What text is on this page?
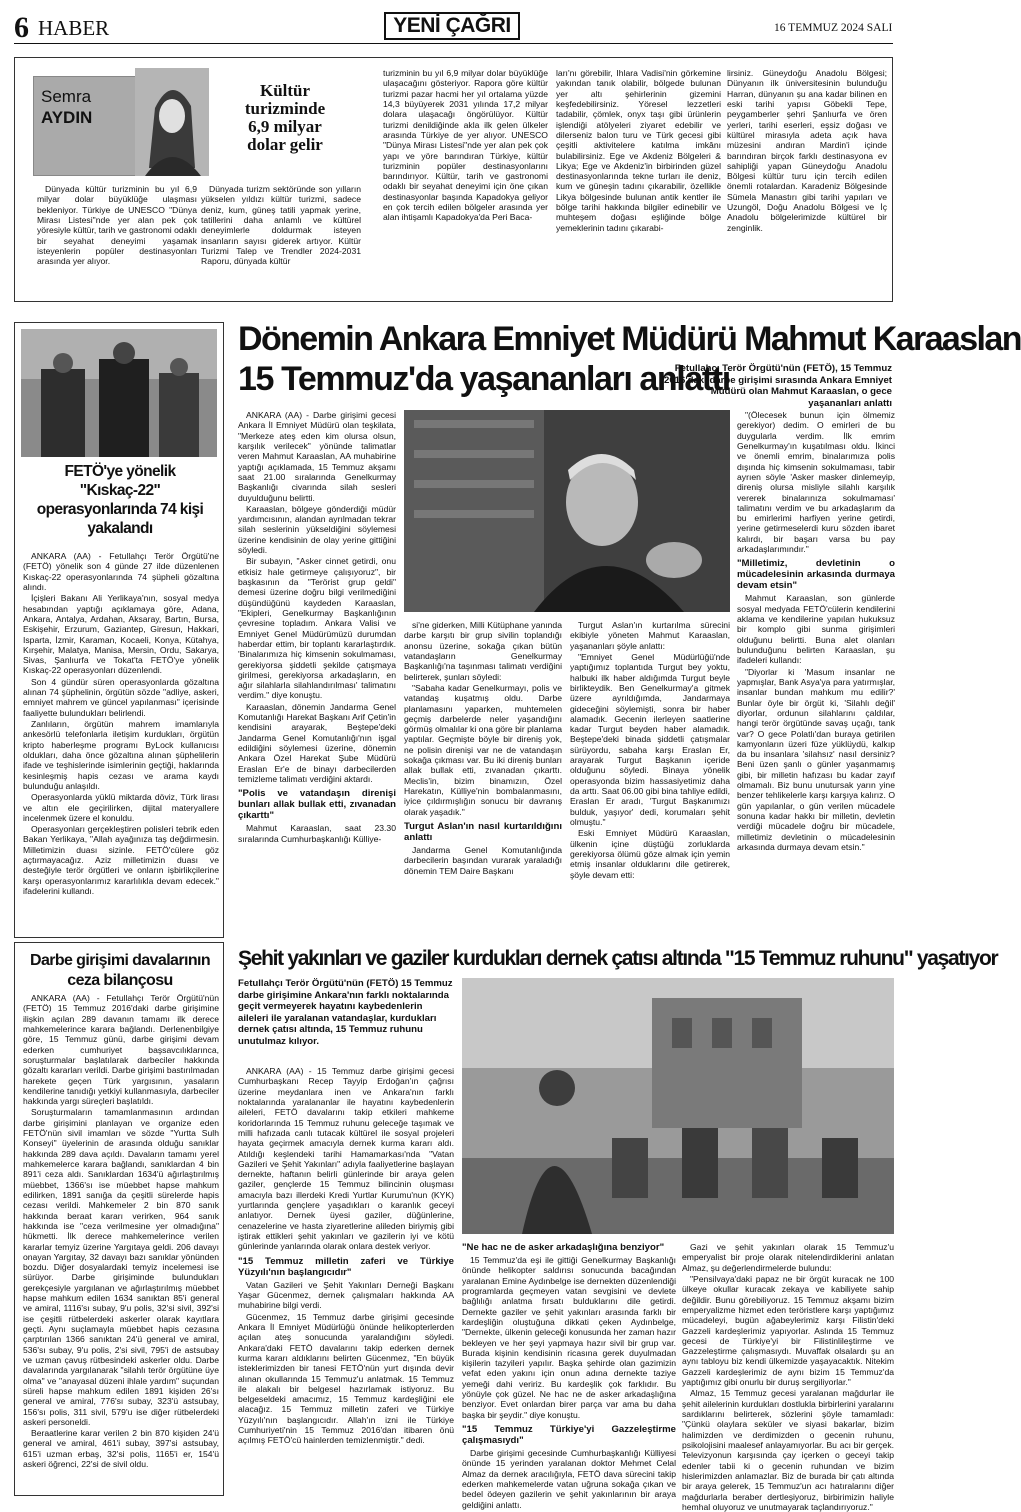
6 HABER	YENİ ÇAĞRI	16 TEMMUZ 2024 SALI
Semra
AYDIN
Kültür turizminde 6,9 milyar dolar gelir
Dünyada kültür turizminin bu yıl 6,9 milyar dolar büyüklüğe ulaşması bekleniyor. Türkiye de UNESCO "Dünya Mirası Listesi"nde yer alan pek çok yöresiyle kültür, tarih ve gastronomi odaklı bir seyahat deneyimi yaşamak isteyenlerin popüler destinasyonları arasında yer alıyor.
Dünyada turizm sektöründe son yılların yükselen yıldızı kültür turizmi, sadece deniz, kum, güneş tatili yapmak yerine, tatillerini daha anlamlı ve kültürel deneyimlerle doldurmak isteyen insanların sayısı giderek artıyor. Kültür Turizmi Talep ve Trendler 2024-2031 Raporu, dünyada kültür
turizminin bu yıl 6,9 milyar dolar büyüklüğe ulaşacağını gösteriyor. Rapora göre kültür turizmi pazar hacmi her yıl ortalama yüzde 14,3 büyüyerek 2031 yılında 17,2 milyar dolara ulaşacağı öngörülüyor. Kültür turizmi denildiğinde akla ilk gelen ülkeler arasında Türkiye de yer alıyor. UNESCO "Dünya Mirası Listesi"nde yer alan pek çok yapı ve yöre barındıran Türkiye, kültür turizminin popüler destinasyonlarını barındırıyor. Kültür, tarih ve gastronomi odaklı bir seyahat deneyimi için öne çıkan destinasyonlar başında Kapadokya geliyor en çok tercih edilen bölgeler arasında yer alan ihtişamlı Kapadokya'da Peri Baca-
ları'nı görebilir, Ihlara Vadisi'nin görkemine yakından tanık olabilir, bölgede bulunan yer altı şehirlerinin gizemini keşfedebilirsiniz. Yöresel lezzetleri tadabilir, çömlek, onyx taşı gibi ürünlerin işlendiği atölyeleri ziyaret edebilir ve dilerseniz balon turu ve Türk gecesi gibi çeşitli aktivitelere katılma imkânı bulabilirsiniz. Ege ve Akdeniz Bölgeleri & Likya; Ege ve Akdeniz'in birbirinden güzel destinasyonlarında tekne turları ile deniz, kum ve güneşin tadını çıkarabilir, özellikle Likya bölgesinde bulunan antik kentler ile bölge tarihi hakkında bilgiler edinebilir ve muhteşem doğası eşliğinde bölge yemeklerinin tadını çıkarabi-
lirsiniz. Güneydoğu Anadolu Bölgesi; Dünyanın ilk üniversitesinin bulunduğu Harran, dünyanın şu ana kadar bilinen en eski tarihi yapısı Göbekli Tepe, peygamberler şehri Şanlıurfa ve ören yerleri, tarihi eserleri, eşsiz doğası ve kültürel mirasıyla adeta açık hava müzesini andıran Mardin'i içinde barındıran birçok farklı destinasyona ev sahipliği yapan Güneydoğu Anadolu Bölgesi kültür turu için tercih edilen önemli rotalardan. Karadeniz Bölgesinde Sümela Manastırı gibi tarihi yapıları ve Uzungöl, Doğu Anadolu Bölgesi ve İç Anadolu bölgelerimizde kültürel bir zenginlik.
FETÖ'ye yönelik "Kıskaç-22" operasyonlarında 74 kişi yakalandı

ANKARA (AA) - Fetullahçı Terör Örgütü'ne (FETÖ) yönelik son 4 günde 27 ilde düzenlenen Kıskaç-22 operasyonlarında 74 şüpheli gözaltına alındı.

İçişleri Bakanı Ali Yerlikaya'nın, sosyal medya hesabından yaptığı açıklamaya göre, Adana, Ankara, Antalya, Ardahan, Aksaray, Bartın, Bursa, Eskişehir, Erzurum, Gaziantep, Giresun, Hakkari, Isparta, İzmir, Karaman, Kocaeli, Konya, Kütahya, Kırşehir, Malatya, Manisa, Mersin, Ordu, Sakarya, Sivas, Şanlıurfa ve Tokat'ta FETÖ'ye yönelik Kıskaç-22 operasyonları düzenlendi.

Son 4 gündür süren operasyonlarda gözaltına alınan 74 şüphelinin, örgütün sözde "adliye, askeri, emniyet mahrem ve güncel yapılanması" içerisinde faaliyette bulundukları belirlendi.

Zanlıların, örgütün mahrem imamlarıyla ankesörlü telefonlarla iletişim kurdukları, örgütün kripto haberleşme programı ByLock kullanıcısı oldukları, daha önce gözaltına alınan şüphelilerin ifade ve teşhislerinde isimlerinin geçtiği, haklarında kesinleşmiş hapis cezası ve arama kaydı bulunduğu anlaşıldı.

Operasyonlarda yüklü miktarda döviz, Türk lirası ve altın ele geçirilirken, dijital materyallere incelenmek üzere el konuldu.

Operasyonları gerçekleştiren polisleri tebrik eden Bakan Yerlikaya, "Allah ayağınıza taş değdirmesin. Milletimizin duası sizinle. FETÖ'cülere göz açtırmayacağız. Aziz milletimizin duası ve desteğiyle terör örgütleri ve onların işbirlikçilerine karşı operasyonlarımız kararlılıkla devam edecek." ifadelerini kullandı.

Dönemin Ankara Emniyet Müdürü Mahmut Karaaslan
15 Temmuz'da yaşananları anlattı
Fetullahçı Terör Örgütü'nün (FETÖ), 15 Temmuz 2016'daki darbe girişimi sırasında Ankara Emniyet Müdürü olan Mahmut Karaaslan, o gece yaşananları anlattı

ANKARA (AA) - Darbe girişimi gecesi Ankara İl Emniyet Müdürü olan teşkilata, "Merkeze ateş eden kim olursa olsun, karşılık verilecek" yönünde talimatlar veren Mahmut Karaaslan, AA muhabirine yaptığı açıklamada, 15 Temmuz akşamı saat 21.00 sıralarında Genelkurmay Başkanlığı civarında silah sesleri duyulduğunu belirtti.

Karaaslan, bölgeye gönderdiği müdür yardımcısının, alandan ayrılmadan tekrar silah seslerinin yükseldiğini söylemesi üzerine kendisinin de olay yerine gittiğini söyledi.

Bir subayın, "Asker cinnet getirdi, onu etkisiz hale getirmeye çalışıyoruz", bir başkasının da "Terörist grup geldi" demesi üzerine doğru bilgi verilmediğini düşündüğünü kaydeden Karaaslan, "Ekipleri, Genelkurmay Başkanlığının çevresine topladım. Ankara Valisi ve Emniyet Genel Müdürümüzü durumdan haberdar ettim, bir toplantı kararlaştırdık. 'Binalarımıza hiç kimsenin sokulmaması, gerekiyorsa şiddetli şekilde çatışmaya girilmesi, gerekiyorsa arkadaşların, en ağır silahlarla silahlandırılması' talimatını verdim." diye konuştu.

Karaaslan, dönemin Jandarma Genel Komutanlığı Harekat Başkanı Arif Çetin'in kendisini arayarak, Beştepe'deki Jandarma Genel Komutanlığı'nın işgal edildiğini söylemesi üzerine, dönemin Ankara Özel Harekat Şube Müdürü Eraslan Er'e de binayı darbecilerden temizleme talimatı verdiğini aktardı.

"Polis ve vatandaşın direnişi bunları allak bullak etti, zıvanadan çıkarttı"

Mahmut Karaaslan, saat 23.30 sıralarında Cumhurbaşkanlığı Külliye-

si'ne giderken, Milli Kütüphane yanında darbe karşıtı bir grup sivilin toplandığı anonsu üzerine, sokağa çıkan bütün vatandaşların Genelkurmay Başkanlığı'na taşınması talimatı verdiğini belirterek, şunları söyledi:

"Sabaha kadar Genelkurmayı, polis ve vatandaş kuşatmış oldu. Darbe planlamasını yaparken, muhtemelen geçmiş darbelerde neler yaşandığını görmüş olmalılar ki ona göre bir planlama yaptılar. Geçmişte böyle bir direniş yok, ne polisin direnişi var ne de vatandaşın sokağa çıkması var. Bu iki direniş bunları allak bullak etti, zıvanadan çıkarttı. Meclis'in, bizim binamızın, Özel Harekatın, Külliye'nin bombalanmasını, iyice çıldırmışlığın sonucu bir davranış olarak yaşadık."

Turgut Aslan'ın nasıl kurtarıldığını anlattı

Jandarma Genel Komutanlığında darbecilerin başından vurarak yaraladığı dönemin TEM Daire Başkanı

Turgut Aslan'ın kurtarılma sürecini ekibiyle yöneten Mahmut Karaaslan, yaşananları şöyle anlattı:

"Emniyet Genel Müdürlüğü'nde yaptığımız toplantıda Turgut bey yoktu, halbuki ilk haber aldığımda Turgut beyle birlikteydik. Ben Genelkurmay'a gitmek üzere ayrıldığımda, Jandarmaya gideceğini söylemişti, sonra bir haber alamadık. Gecenin ilerleyen saatlerine kadar Turgut beyden haber alamadık. Beştepe'deki binada şiddetli çatışmalar sürüyordu, sabaha karşı Eraslan Er, arayarak Turgut Başkanın içeride olduğunu söyledi. Binaya yönelik operasyonda bizim hassasiyetimiz daha da arttı. Saat 06.00 gibi bina tahliye edildi, Eraslan Er aradı, 'Turgut Başkanımızı bulduk, yaşıyor' dedi, korumaları şehit olmuştu."

Eski Emniyet Müdürü Karaaslan, ülkenin içine düştüğü zorluklarda gerekiyorsa ölümü göze almak için yemin etmiş insanlar olduklarını dile getirerek, şöyle devam etti:

"(Ölecesek bunun için ölmemiz gerekiyor) dedim. O emirleri de bu duygularla verdim. İlk emrim Genelkurmay'ın kuşatılması oldu. İkinci ve önemli emrim, binalarımıza polis dışında hiç kimsenin sokulmaması, tabir ayrıen söyle 'Asker masker dinlemeyip, direniş olursa misliyle silahlı karşılık vererek binalarınıza sokulmaması' talimatını verdim ve bu arkadaşlarım da bu emirlerimi harfiyen yerine getirdi, yerine getirmeselerdi kuru sözden ibaret kalırdı, bir başarı varsa bu pay arkadaşlarımındır."

"Milletimiz, devletinin o mücadelesinin arkasında durmaya devam etsin"

Mahmut Karaaslan, son günlerde sosyal medyada FETÖ'cülerin kendilerini aklama ve kendilerine yapılan hukuksuz bir komplo gibi sunma girişimleri olduğunu belirtti. Buna alet olanları bulunduğunu belirten Karaaslan, şu ifadeleri kullandı:

"Diyorlar ki 'Masum insanlar ne yapmışlar, Bank Asya'ya para yatırmışlar, insanlar bundan mahkum mu edilir?' Bunlar öyle bir örgüt ki, 'Silahlı değil' diyorlar, ordunun silahlarını çaldılar, hangi terör örgütünde savaş uçağı, tank var? O gece Polatlı'dan buraya getirilen kamyonların üzeri füze yüklüydü, kalkıp da bu insanlara 'silahsız' nasıl dersiniz? Beni üzen şanlı o günler yaşanmamış gibi, bir milletin hafızası bu kadar zayıf olmamalı. Biz bunu unutursak yarın yine benzer tehlikelerle karşı karşıya kalırız. O gün yapılanlar, o gün verilen mücadele sonuna kadar hakkı bir milletin, devletin verdiği mücadele doğru bir mücadele, milletimiz devletinin o mücadelesinin arkasında durmaya devam etsin."

Darbe girişimi davalarının ceza bilançosu

ANKARA (AA) - Fetullahçı Terör Örgütü'nün (FETÖ) 15 Temmuz 2016'daki darbe girişimine ilişkin açılan 289 davanın tamamı ilk derece mahkemelerince karara bağlandı. Derlenenbilgiye göre, 15 Temmuz günü, darbe girişimi devam ederken cumhuriyet başsavcılıklarınca, soruşturmalar başlatılarak darbeciler hakkında gözaltı kararları verildi. Darbe girişimi bastırılmadan harekete geçen Türk yargısının, yasaların kendilerine tanıdığı yetkiyi kullanmasıyla, darbeciler hakkında yargı süreçleri başlatıldı.

Soruşturmaların tamamlanmasının ardından darbe girişimini planlayan ve organize eden FETÖ'nün sivil imamları ve sözde "Yurtta Sulh Konseyi" üyelerinin de arasında olduğu sanıklar hakkında 289 dava açıldı. Davaların tamamı yerel mahkemelerce karara bağlandı, sanıklardan 4 bin 891'i ceza aldı. Sanıklardan 1634'ü ağırlaştırılmış müebbet, 1366'sı ise müebbet hapse mahkum edilirken, 1891 sanığa da çeşitli sürelerde hapis cezası verildi. Mahkemeler 2 bin 870 sanık hakkında beraat kararı verirken, 964 sanık hakkında ise "ceza verilmesine yer olmadığına" hükmetti. İlk derece mahkemelerince verilen kararlar temyiz üzerine Yargıtaya geldi. 206 davayı onayan Yargıtay, 32 davayı bazı sanıklar yönünden bozdu. Diğer dosyalardaki temyiz incelemesi ise sürüyor. Darbe girişiminde bulundukları gerekçesiyle yargılanan ve ağırlaştırılmış müebbet hapse mahkum edilen 1634 sanıktan 85'i general ve amiral, 1116'sı subay, 9'u polis, 32'si sivil, 392'si ise çeşitli rütbelerdeki askerler olarak kayıtlara geçti. Aynı suçlamayla müebbet hapis cezasına çarptırılan 1366 sanıktan 24'ü general ve amiral, 536'sı subay, 9'u polis, 2'si sivil, 795'i de astsubay ve uzman çavuş rütbesindeki askerler oldu. Darbe davalarında yargılanarak "silahlı terör örgütüne üye olma" ve "anayasal düzeni ihlale yardım" suçundan süreli hapse mahkum edilen 1891 kişiden 26'sı general ve amiral, 776'sı subay, 323'ü astsubay, 156'sı polis, 311 sivil, 579'u ise diğer rütbelerdeki askeri personeldi.

Beraatlerine karar verilen 2 bin 870 kişiden 24'ü general ve amiral, 461'i subay, 397'si astsubay, 615'i uzman erbaş, 32'si polis, 1165'i er, 154'ü askeri öğrenci, 22'si de sivil oldu.

Şehit yakınları ve gaziler kurdukları dernek çatısı altında "15 Temmuz ruhunu" yaşatıyor
Fetullahçı Terör Örgütü'nün (FETÖ) 15 Temmuz darbe girişimine Ankara'nın farklı noktalarında geçit vermeyerek hayatını kaybedenlerin aileleri ile yaralanan vatandaşlar, kurdukları dernek çatısı altında, 15 Temmuz ruhunu unutulmaz kılıyor.

ANKARA (AA) - 15 Temmuz darbe girişimi gecesi Cumhurbaşkanı Recep Tayyip Erdoğan'ın çağrısı üzerine meydanlara inen ve Ankara'nın farklı noktalarında yaralananlar ile hayatını kaybedenlerin aileleri, FETÖ davalarını takip etkileri mahkeme koridorlarında 15 Temmuz ruhunu geleceğe taşımak ve milli hafızada canlı tutacak kültürel ile sosyal projeleri hayata geçirmek amacıyla dernek kurma kararı aldı. Atıldığı keşlendeki tarihi Hamamarkası'nda "Vatan Gazileri ve Şehit Yakınları" adıyla faaliyetlerine başlayan dernekte, haftanın belirli günlerinde bir araya gelen gaziler, gençlerde 15 Temmuz bilincinin oluşması amacıyla bazı illerdeki Kredi Yurtlar Kurumu'nun (KYK) yurtlarında gençlere yaşadıkları o karanlık geceyi anlatıyor. Dernek üyesi gaziler, düğünlerine, cenazelerine ve hasta ziyaretlerine alileden biriymiş gibi iştirak ettikleri şehit yakınları ve gazilerin iyi ve kötü günlerinde yanlarında olarak onlara destek veriyor.

"15 Temmuz milletin zaferi ve Türkiye Yüzyılı'nın başlangıcıdır"

Vatan Gazileri ve Şehit Yakınları Derneği Başkanı Yaşar Gücenmez, dernek çalışmaları hakkında AA muhabirine bilgi verdi.

Gücenmez, 15 Temmuz darbe girişimi gecesinde Ankara İl Emniyet Müdürlüğü önünde helikopterlerden açılan ateş sonucunda yaralandığını söyledi. Ankara'daki FETÖ davalarını takip ederken dernek kurma kararı aldıklarını belirten Gücenmez, "En büyük isteklerimizden bir tanesi FETÖ'nün yurt dışında devir alınan okullarında 15 Temmuz'u anlatmak. 15 Temmuz ile alakalı bir belgesel hazırlamak istiyoruz. Bu belgeseldeki amacımız, 15 Temmuz kardeşliğini ele alacağız. 15 Temmuz milletin zaferi ve Türkiye Yüzyılı'nın başlangıcıdır. Allah'ın izni ile Türkiye Cumhuriyeti'nin 15 Temmuz 2016'dan itibaren önü açılmış FETÖ'cü hainlerden temizlenmiştir." dedi.

"Ne hac ne de asker arkadaşlığına benziyor"

15 Temmuz'da eşi ile gittiği Genelkurmay Başkanlığı önünde helikopter saldırısı sonucunda bacağından yaralanan Emine Aydınbelge ise dernekten düzenlendiği programlarda geçmeyen vatan sevgisini ve devlete bağlılığı anlatma fırsatı bulduklarını dile getirdi. Dernekte gaziler ve şehit yakınları arasında farklı bir kardeşliğin oluştuğuna dikkati çeken Aydınbelge, "Dernekte, ülkenin geleceği konusunda her zaman hazır bekleyen ve her şeyi yapmaya hazır sivil bir grup var. Burada kişinin kendisinin ricasına gerek duyulmadan kişilerin tazyileri yapılır. Başka şehirde olan gazimizin vefat eden yakını için onun adına dernekte taziye yemeği dahi veririz. Bu kardeşlik çok farklıdır. Bu yönüyle çok güzel. Ne hac ne de asker arkadaşlığına benziyor. Evet onlardan birer parça var ama bu daha başka bir şeydir." diye konuştu.

"15 Temmuz Türkiye'yi Gazzeleştirme çalışmasıydı"

Darbe girişimi gecesinde Cumhurbaşkanlığı Külliyesi önünde 15 yerinden yaralanan doktor Mehmet Celal Almaz da dernek aracılığıyla, FETÖ dava sürecini takip ederken mahkemelerde vatan uğruna sokağa çıkan ve bedel ödeyen gazilerin ve şehit yakınlarının bir araya geldiğini anlattı.

Gazi ve şehit yakınları olarak 15 Temmuz'u emperyalist bir proje olarak nitelendirdiklerini anlatan Almaz, şu değerlendirmelerde bulundu:

"Pensilvaya'daki papaz ne bir örgüt kuracak ne 100 ülkeye okullar kuracak zekaya ve kabiliyete sahip değildir. Bunu görebiliyoruz. 15 Temmuz akşamı bizim emperyalizme hizmet eden teröristlere karşı yaptığımız mücadeleyi, bugün ağabeylerimiz karşı Filistin'deki Gazzeli kardeşlerimiz yapıyorlar. Aslında 15 Temmuz gecesi de Türkiye'yi bir Filistinlileştirme ve Gazzeleştirme çalışmasıydı. Muvaffak olsalardı şu an aynı tabloyu biz kendi ülkemizde yaşayacaktık. Nitekim Gazzeli kardeşlerimiz de aynı bizim 15 Temmuz'da yaptığımız gibi onurlu bir duruş sergiliyorlar."

Almaz, 15 Temmuz gecesi yaralanan mağdurlar ile şehit ailelerinin kurdukları dostlukla birbirlerini yaralarını sardıklarını belirterek, sözlerini şöyle tamamladı: "Çünkü olaylara seküler ve siyasi bakarlar, bizim halimizden ve derdimizden o gecenin ruhunu, psikolojisini maalesef anlayamıyorlar. Bu acı bir gerçek. Televizyonun karşısında çay içerken o geceyi takip edenler tabii ki o gecenin ruhundan ve bizim hislerimizden anlamazlar. Biz de burada bir çatı altında bir araya gelerek, 15 Temmuz'un acı hatıralarını diğer mağdurlarla beraber dertleşiyoruz, birbirimizin haliyle hemhal oluyoruz ve unutmayarak taçlandırıyoruz."
